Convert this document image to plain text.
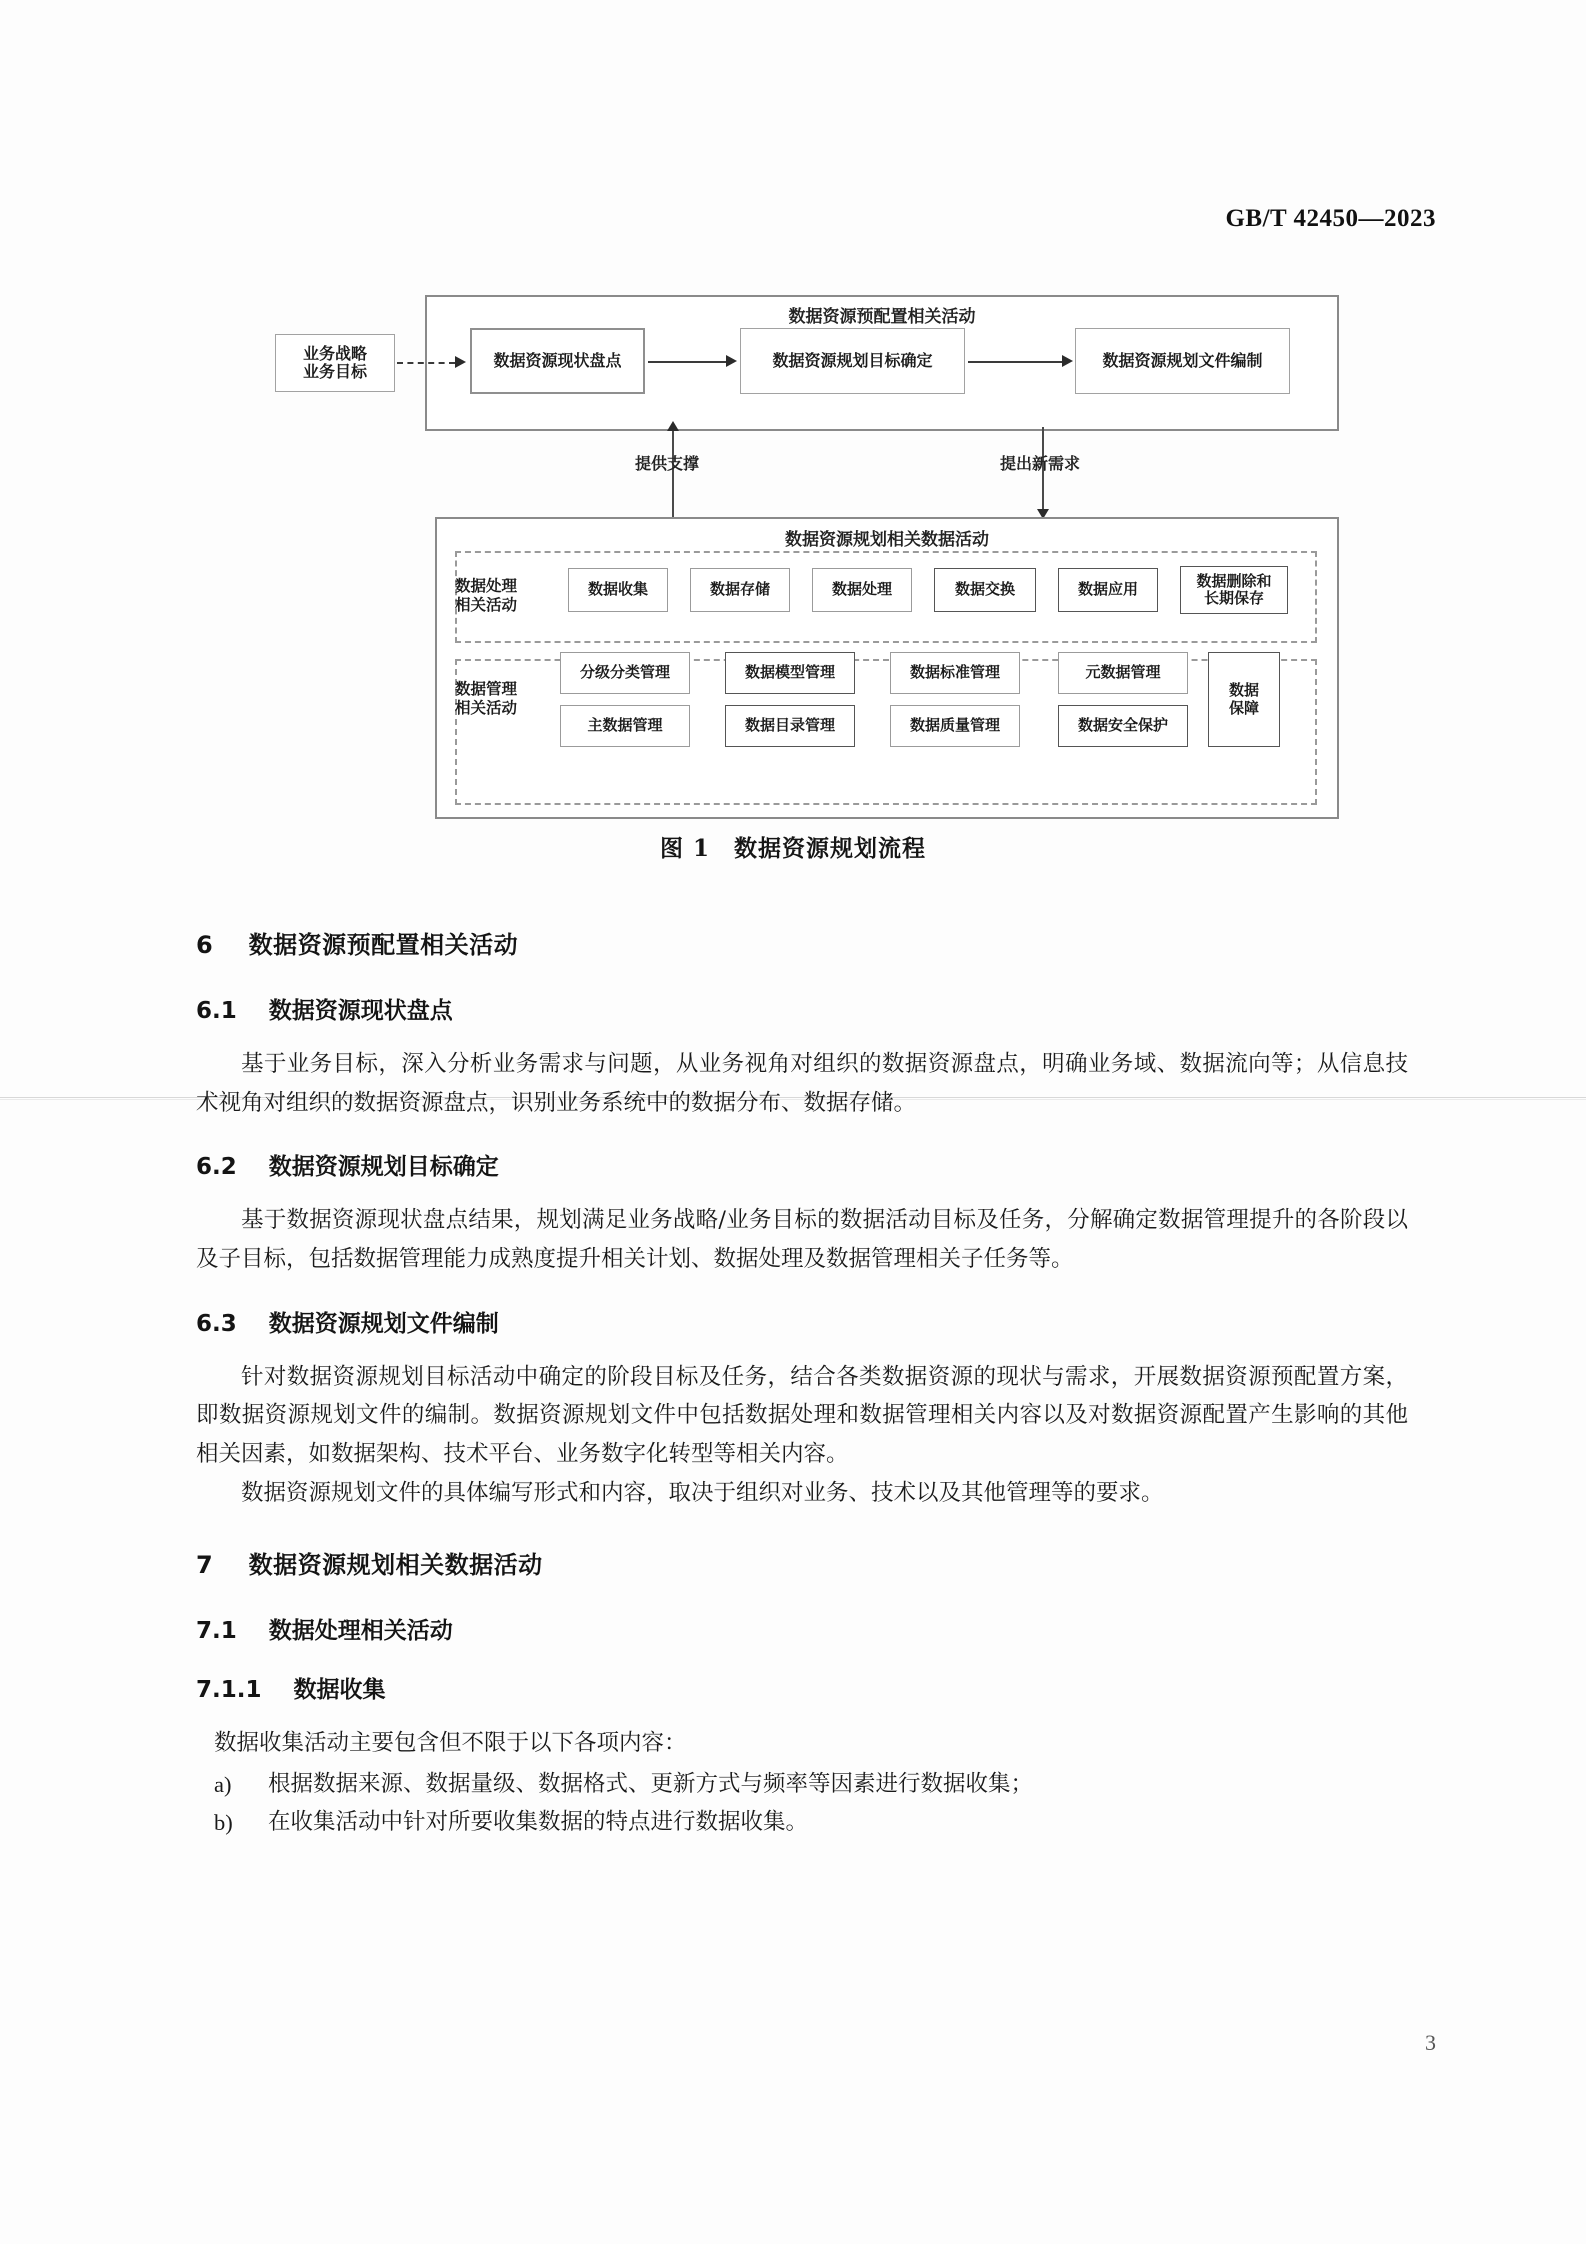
GB/T 42450—2023
数据资源预配置相关活动
业务战略
业务目标
数据资源现状盘点	数据资源规划目标确定	数据资源规划文件编制
提供支撑	提出新需求
数据资源规划相关数据活动
数据处理
相关活动
数据收集	数据存储	数据处理	数据交换	数据应用	数据删除和
长期保存
数据管理
相关活动
分级分类管理	数据模型管理	数据标准管理	元数据管理
主数据管理	数据目录管理	数据质量管理	数据安全保护
数据
保障
图 1　数据资源规划流程
6 数据资源预配置相关活动
6.1 数据资源现状盘点

基于业务目标，深入分析业务需求与问题，从业务视角对组织的数据资源盘点，明确业务域、数据流向等；从信息技术视角对组织的数据资源盘点，识别业务系统中的数据分布、数据存储。

6.2 数据资源规划目标确定

基于数据资源现状盘点结果，规划满足业务战略/业务目标的数据活动目标及任务，分解确定数据管理提升的各阶段以及子目标，包括数据管理能力成熟度提升相关计划、数据处理及数据管理相关子任务等。

6.3 数据资源规划文件编制

针对数据资源规划目标活动中确定的阶段目标及任务，结合各类数据资源的现状与需求，开展数据资源预配置方案，即数据资源规划文件的编制。数据资源规划文件中包括数据处理和数据管理相关内容以及对数据资源配置产生影响的其他相关因素，如数据架构、技术平台、业务数字化转型等相关内容。

数据资源规划文件的具体编写形式和内容，取决于组织对业务、技术以及其他管理等的要求。

7 数据资源规划相关数据活动
7.1 数据处理相关活动
7.1.1 数据收集

数据收集活动主要包含但不限于以下各项内容：

a)	根据数据来源、数据量级、数据格式、更新方式与频率等因素进行数据收集；
b)	在收集活动中针对所要收集数据的特点进行数据收集。
3
